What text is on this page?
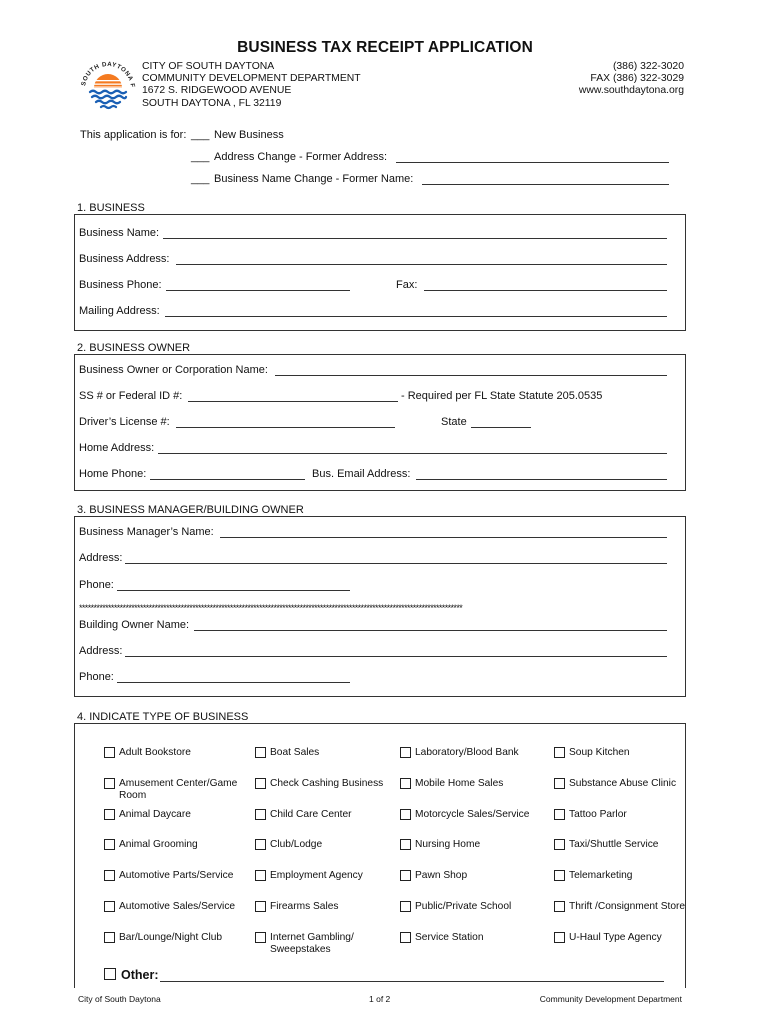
BUSINESS TAX RECEIPT APPLICATION
SOUTH DAYTONA F
CITY OF SOUTH DAYTONA
COMMUNITY DEVELOPMENT DEPARTMENT
1672 S. RIDGEWOOD AVENUE
SOUTH DAYTONA , FL 32119
(386) 322-3020
FAX (386) 322-3029
www.southdaytona.org
This application is for: ___ New Business
___ Address Change - Former Address:
___ Business Name Change - Former Name:
1. BUSINESS
Business Name:
Business Address:
Business Phone:	Fax:
Mailing Address:
2. BUSINESS OWNER
Business Owner or Corporation Name:
SS # or Federal ID #:	- Required per FL State Statute 205.0535
Driver’s License #:	State
Home Address:
Home Phone:	Bus. Email Address:
3. BUSINESS MANAGER/BUILDING OWNER
Business Manager’s Name:
Address:
Phone:
************************************************************************************************************************************
Building Owner Name:
Address:
Phone:
4. INDICATE TYPE OF BUSINESS
Adult Bookstore
Amusement Center/Game Room
Animal Daycare
Animal Grooming
Automotive Parts/Service
Automotive Sales/Service
Bar/Lounge/Night Club
Boat Sales
Check Cashing Business
Child Care Center
Club/Lodge
Employment Agency
Firearms Sales
Internet Gambling/ Sweepstakes
Laboratory/Blood Bank
Mobile Home Sales
Motorcycle Sales/Service
Nursing Home
Pawn Shop
Public/Private School
Service Station
Soup Kitchen
Substance Abuse Clinic
Tattoo Parlor
Taxi/Shuttle Service
Telemarketing
Thrift /Consignment Store
U-Haul Type Agency
Other:
City of South Daytona	1 of 2	Community Development Department
